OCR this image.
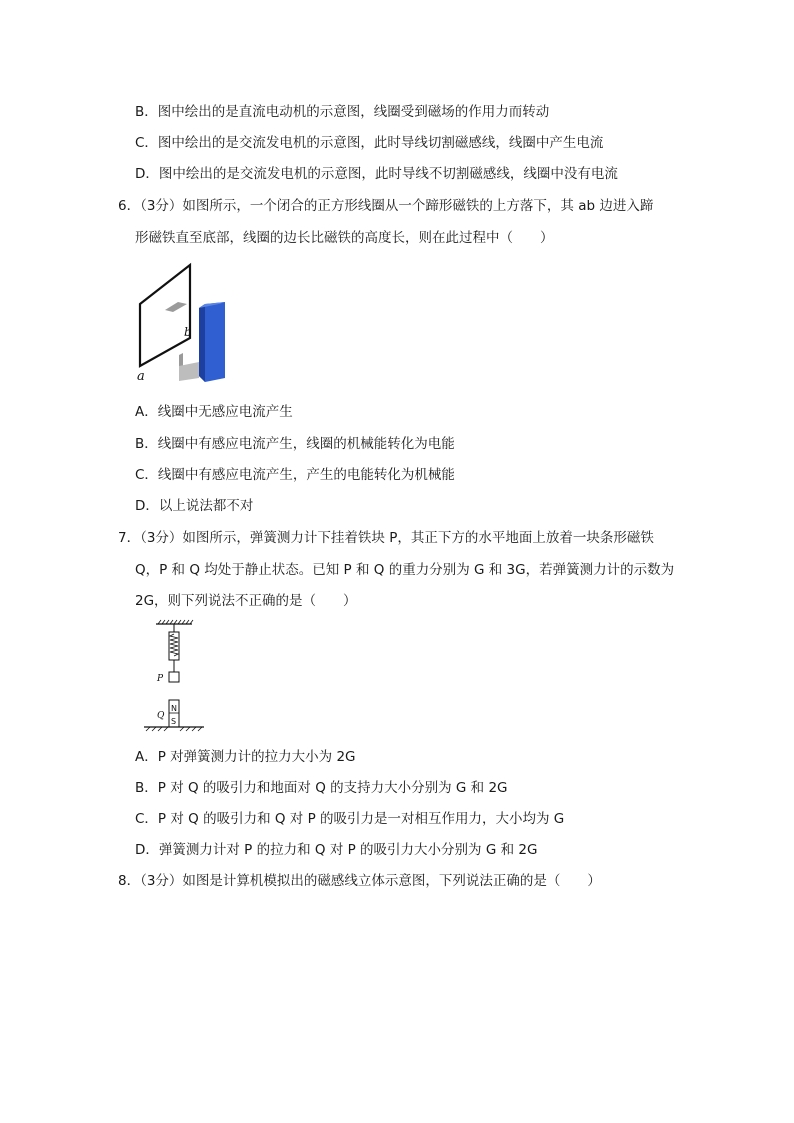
B．图中绘出的是直流电动机的示意图，线圈受到磁场的作用力而转动
C．图中绘出的是交流发电机的示意图，此时导线切割磁感线，线圈中产生电流
D．图中绘出的是交流发电机的示意图，此时导线不切割磁感线，线圈中没有电流
6．（3分）如图所示，一个闭合的正方形线圈从一个蹄形磁铁的上方落下，其 ab 边进入蹄
形磁铁直至底部，线圈的边长比磁铁的高度长，则在此过程中（　　）
a
b
A．线圈中无感应电流产生
B．线圈中有感应电流产生，线圈的机械能转化为电能
C．线圈中有感应电流产生，产生的电能转化为机械能
D．以上说法都不对
7．（3分）如图所示，弹簧测力计下挂着铁块 P，其正下方的水平地面上放着一块条形磁铁
Q，P 和 Q 均处于静止状态。已知 P 和 Q 的重力分别为 G 和 3G，若弹簧测力计的示数为
2G，则下列说法不正确的是（　　）
P
N
S
Q
A．P 对弹簧测力计的拉力大小为 2G
B．P 对 Q 的吸引力和地面对 Q 的支持力大小分别为 G 和 2G
C．P 对 Q 的吸引力和 Q 对 P 的吸引力是一对相互作用力，大小均为 G
D．弹簧测力计对 P 的拉力和 Q 对 P 的吸引力大小分别为 G 和 2G
8．（3分）如图是计算机模拟出的磁感线立体示意图，下列说法正确的是（　　）
